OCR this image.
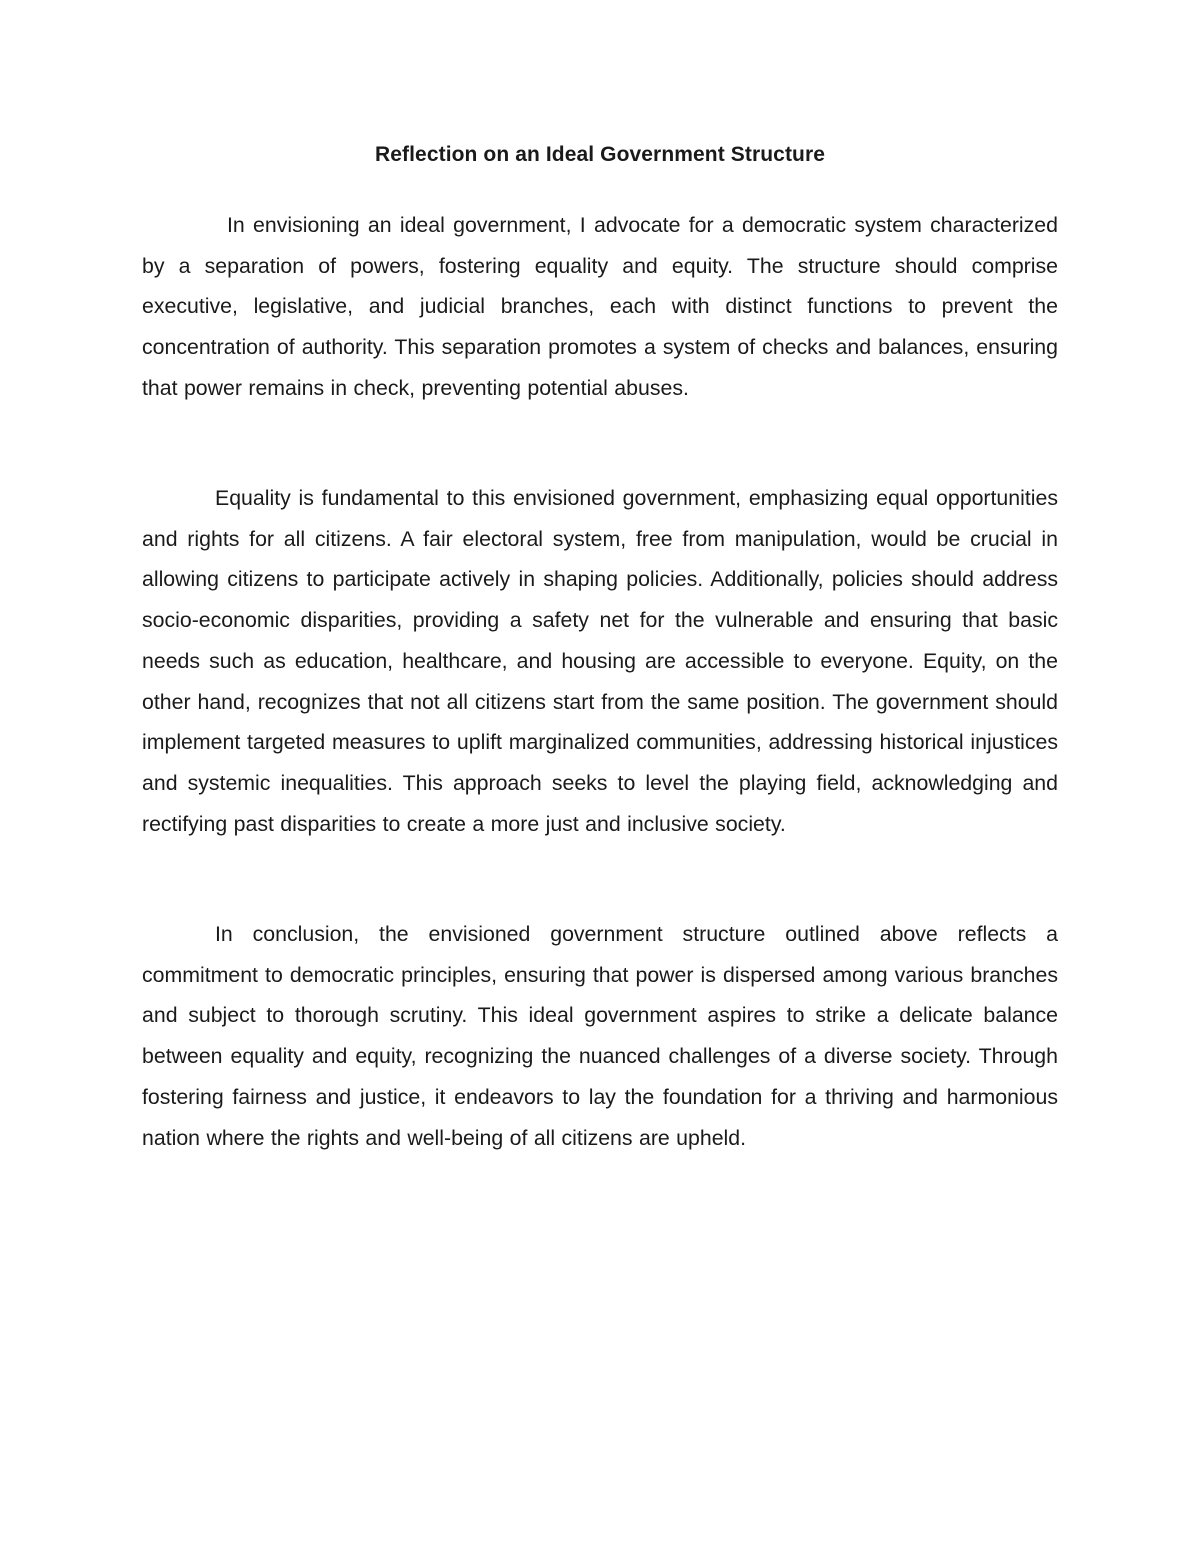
Reflection on an Ideal Government Structure

In envisioning an ideal government, I advocate for a democratic system characterized by a separation of powers, fostering equality and equity. The structure should comprise executive, legislative, and judicial branches, each with distinct functions to prevent the concentration of authority. This separation promotes a system of checks and balances, ensuring that power remains in check, preventing potential abuses.

Equality is fundamental to this envisioned government, emphasizing equal opportunities and rights for all citizens. A fair electoral system, free from manipulation, would be crucial in allowing citizens to participate actively in shaping policies. Additionally, policies should address socio-economic disparities, providing a safety net for the vulnerable and ensuring that basic needs such as education, healthcare, and housing are accessible to everyone. Equity, on the other hand, recognizes that not all citizens start from the same position. The government should implement targeted measures to uplift marginalized communities, addressing historical injustices and systemic inequalities. This approach seeks to level the playing field, acknowledging and rectifying past disparities to create a more just and inclusive society.

In conclusion, the envisioned government structure outlined above reflects a commitment to democratic principles, ensuring that power is dispersed among various branches and subject to thorough scrutiny. This ideal government aspires to strike a delicate balance between equality and equity, recognizing the nuanced challenges of a diverse society. Through fostering fairness and justice, it endeavors to lay the foundation for a thriving and harmonious nation where the rights and well-being of all citizens are upheld.
